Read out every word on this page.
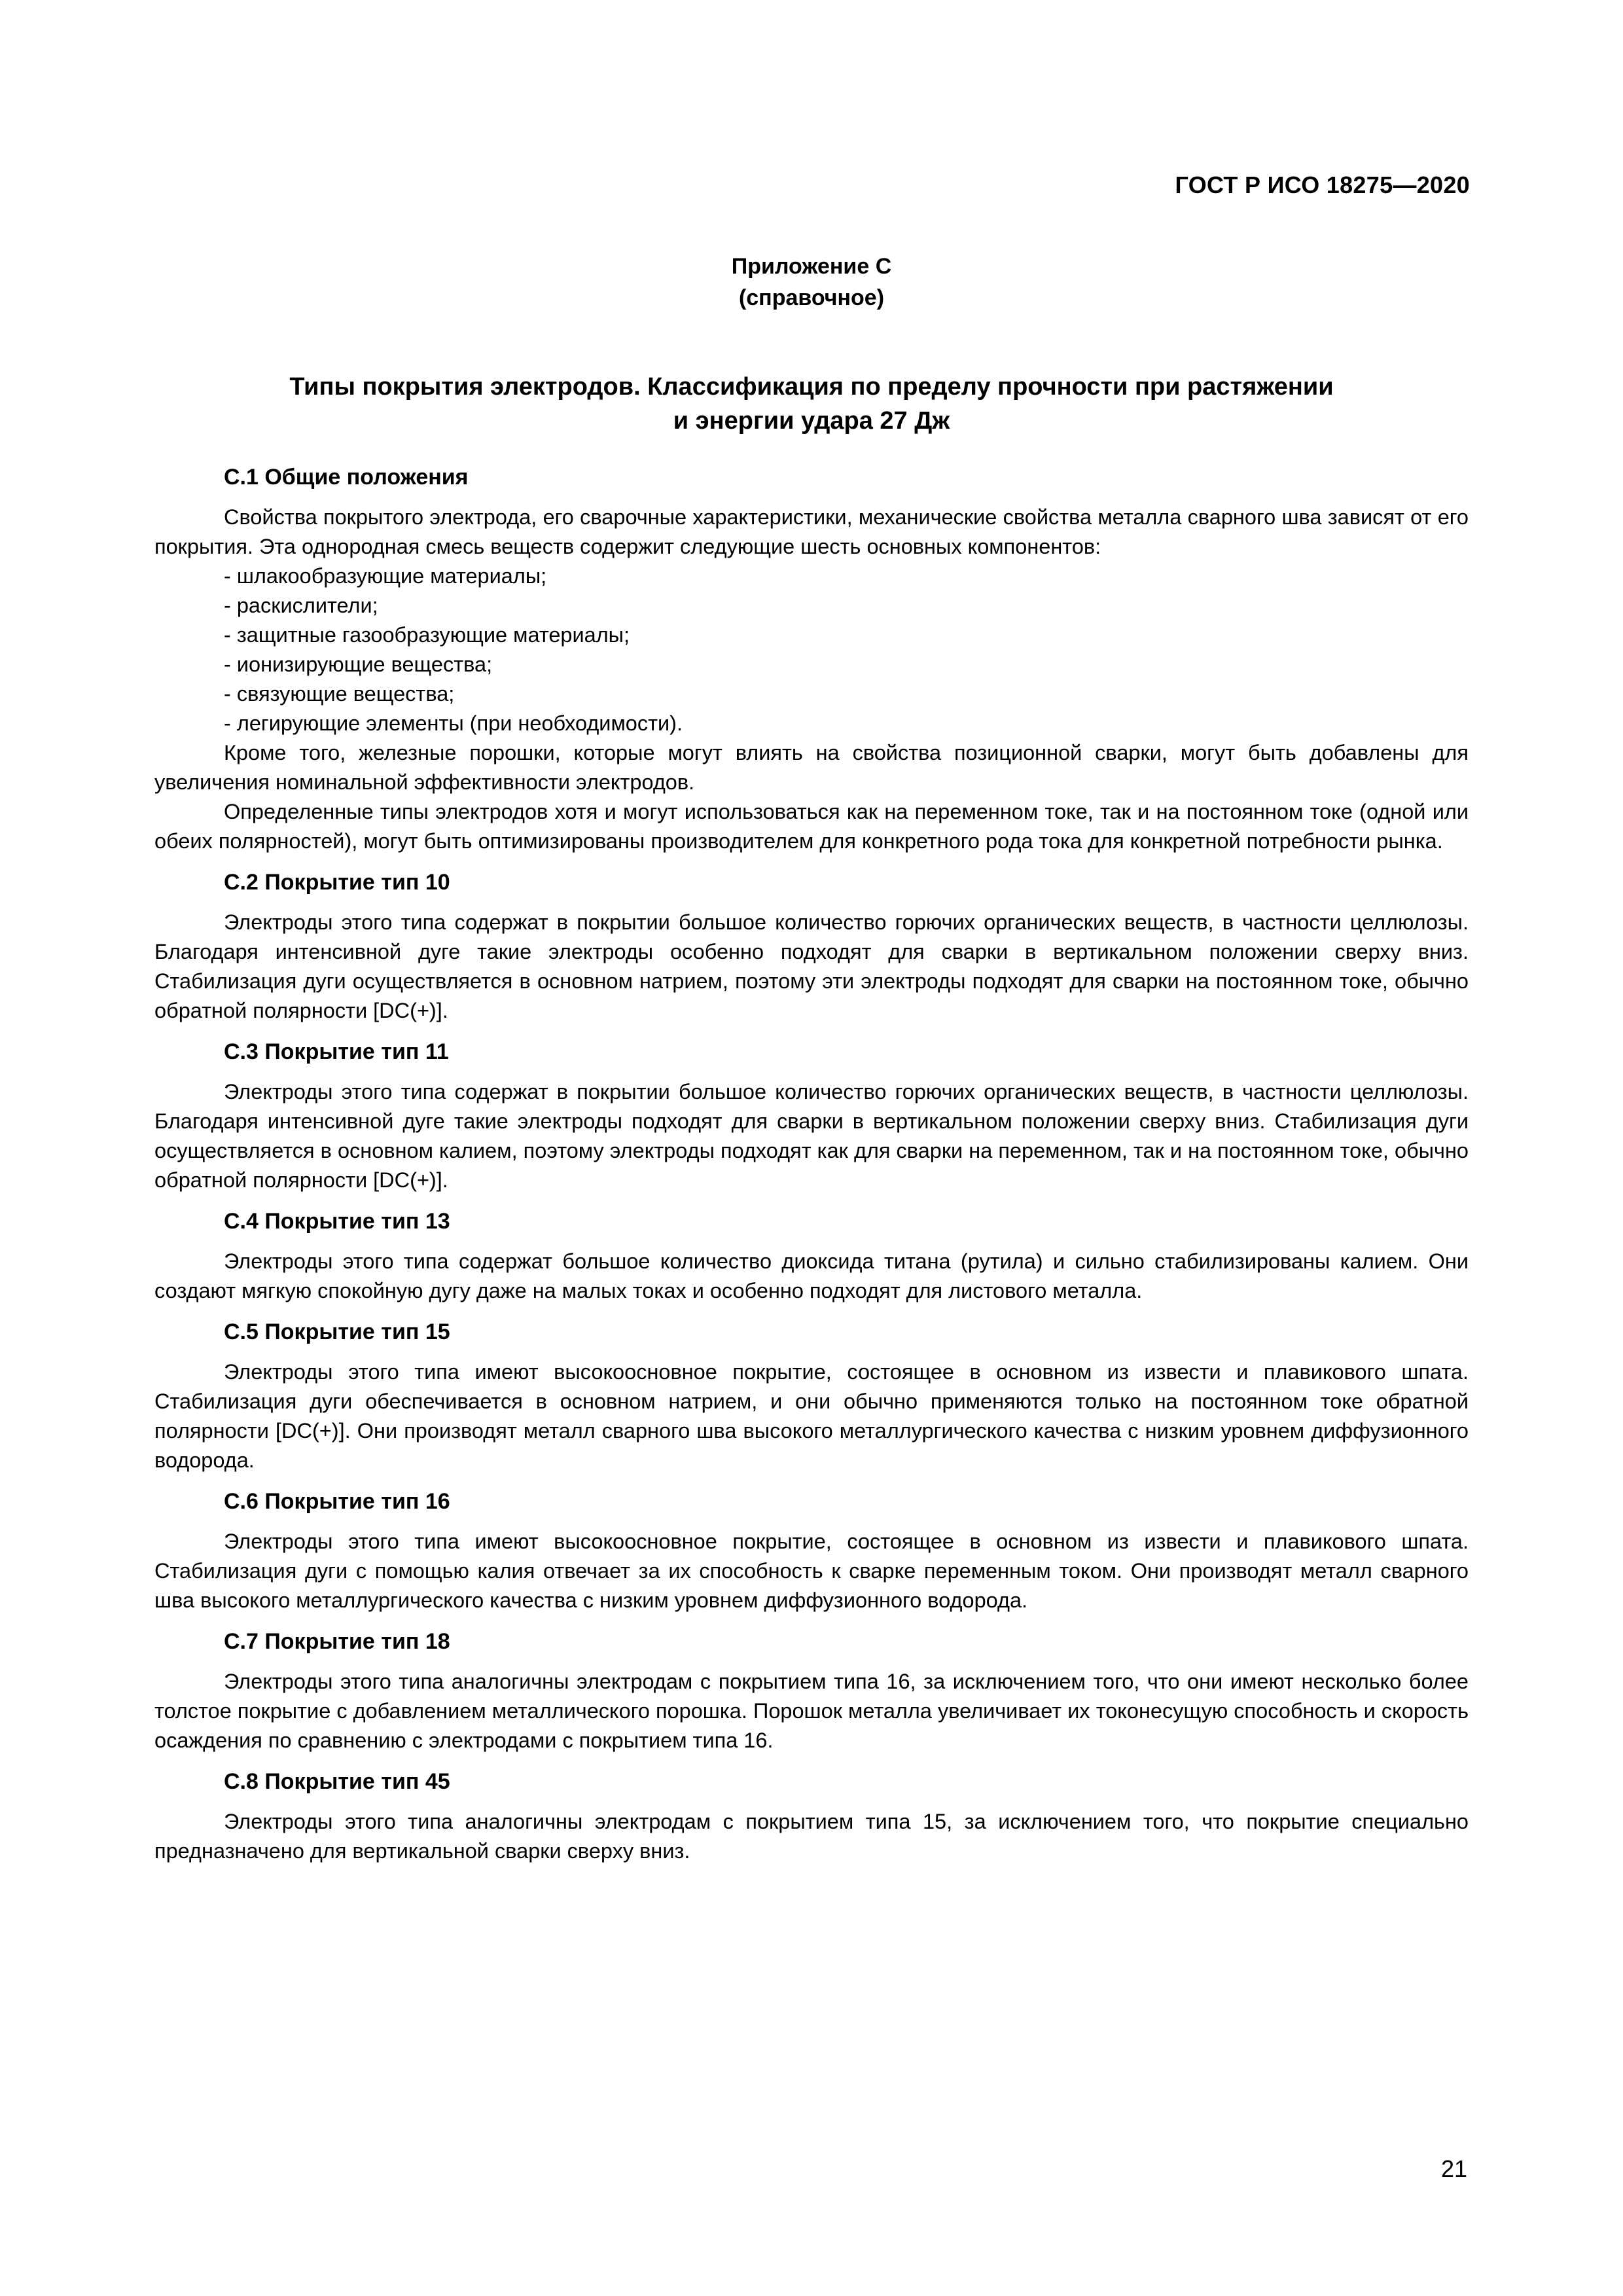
ГОСТ Р ИСО 18275—2020
Приложение С
(справочное)
Типы покрытия электродов. Классификация по пределу прочности при растяжении
и энергии удара 27 Дж
С.1 Общие положения

Свойства покрытого электрода, его сварочные характеристики, механические свойства металла сварного шва зависят от его покрытия. Эта однородная смесь веществ содержит следующие шесть основных компонентов:

- шлакообразующие материалы;
- раскислители;
- защитные газообразующие материалы;
- ионизирующие вещества;
- связующие вещества;
- легирующие элементы (при необходимости).

Кроме того, железные порошки, которые могут влиять на свойства позиционной сварки, могут быть добавлены для увеличения номинальной эффективности электродов.

Определенные типы электродов хотя и могут использоваться как на переменном токе, так и на постоянном токе (одной или обеих полярностей), могут быть оптимизированы производителем для конкретного рода тока для конкретной потребности рынка.

С.2 Покрытие тип 10

Электроды этого типа содержат в покрытии большое количество горючих органических веществ, в частности целлюлозы. Благодаря интенсивной дуге такие электроды особенно подходят для сварки в вертикальном положении сверху вниз. Стабилизация дуги осуществляется в основном натрием, поэтому эти электроды подходят для сварки на постоянном токе, обычно обратной полярности [DC(+)].

С.3 Покрытие тип 11

Электроды этого типа содержат в покрытии большое количество горючих органических веществ, в частности целлюлозы. Благодаря интенсивной дуге такие электроды подходят для сварки в вертикальном положении сверху вниз. Стабилизация дуги осуществляется в основном калием, поэтому электроды подходят как для сварки на переменном, так и на постоянном токе, обычно обратной полярности [DC(+)].

С.4 Покрытие тип 13

Электроды этого типа содержат большое количество диоксида титана (рутила) и сильно стабилизированы калием. Они создают мягкую спокойную дугу даже на малых токах и особенно подходят для листового металла.

С.5 Покрытие тип 15

Электроды этого типа имеют высокоосновное покрытие, состоящее в основном из извести и плавикового шпата. Стабилизация дуги обеспечивается в основном натрием, и они обычно применяются только на постоянном токе обратной полярности [DC(+)]. Они производят металл сварного шва высокого металлургического качества с низким уровнем диффузионного водорода.

С.6 Покрытие тип 16

Электроды этого типа имеют высокоосновное покрытие, состоящее в основном из извести и плавикового шпата. Стабилизация дуги с помощью калия отвечает за их способность к сварке переменным током. Они производят металл сварного шва высокого металлургического качества с низким уровнем диффузионного водорода.

С.7 Покрытие тип 18

Электроды этого типа аналогичны электродам с покрытием типа 16, за исключением того, что они имеют несколько более толстое покрытие с добавлением металлического порошка. Порошок металла увеличивает их токонесущую способность и скорость осаждения по сравнению с электродами с покрытием типа 16.

С.8 Покрытие тип 45

Электроды этого типа аналогичны электродам с покрытием типа 15, за исключением того, что покрытие специально предназначено для вертикальной сварки сверху вниз.

21
